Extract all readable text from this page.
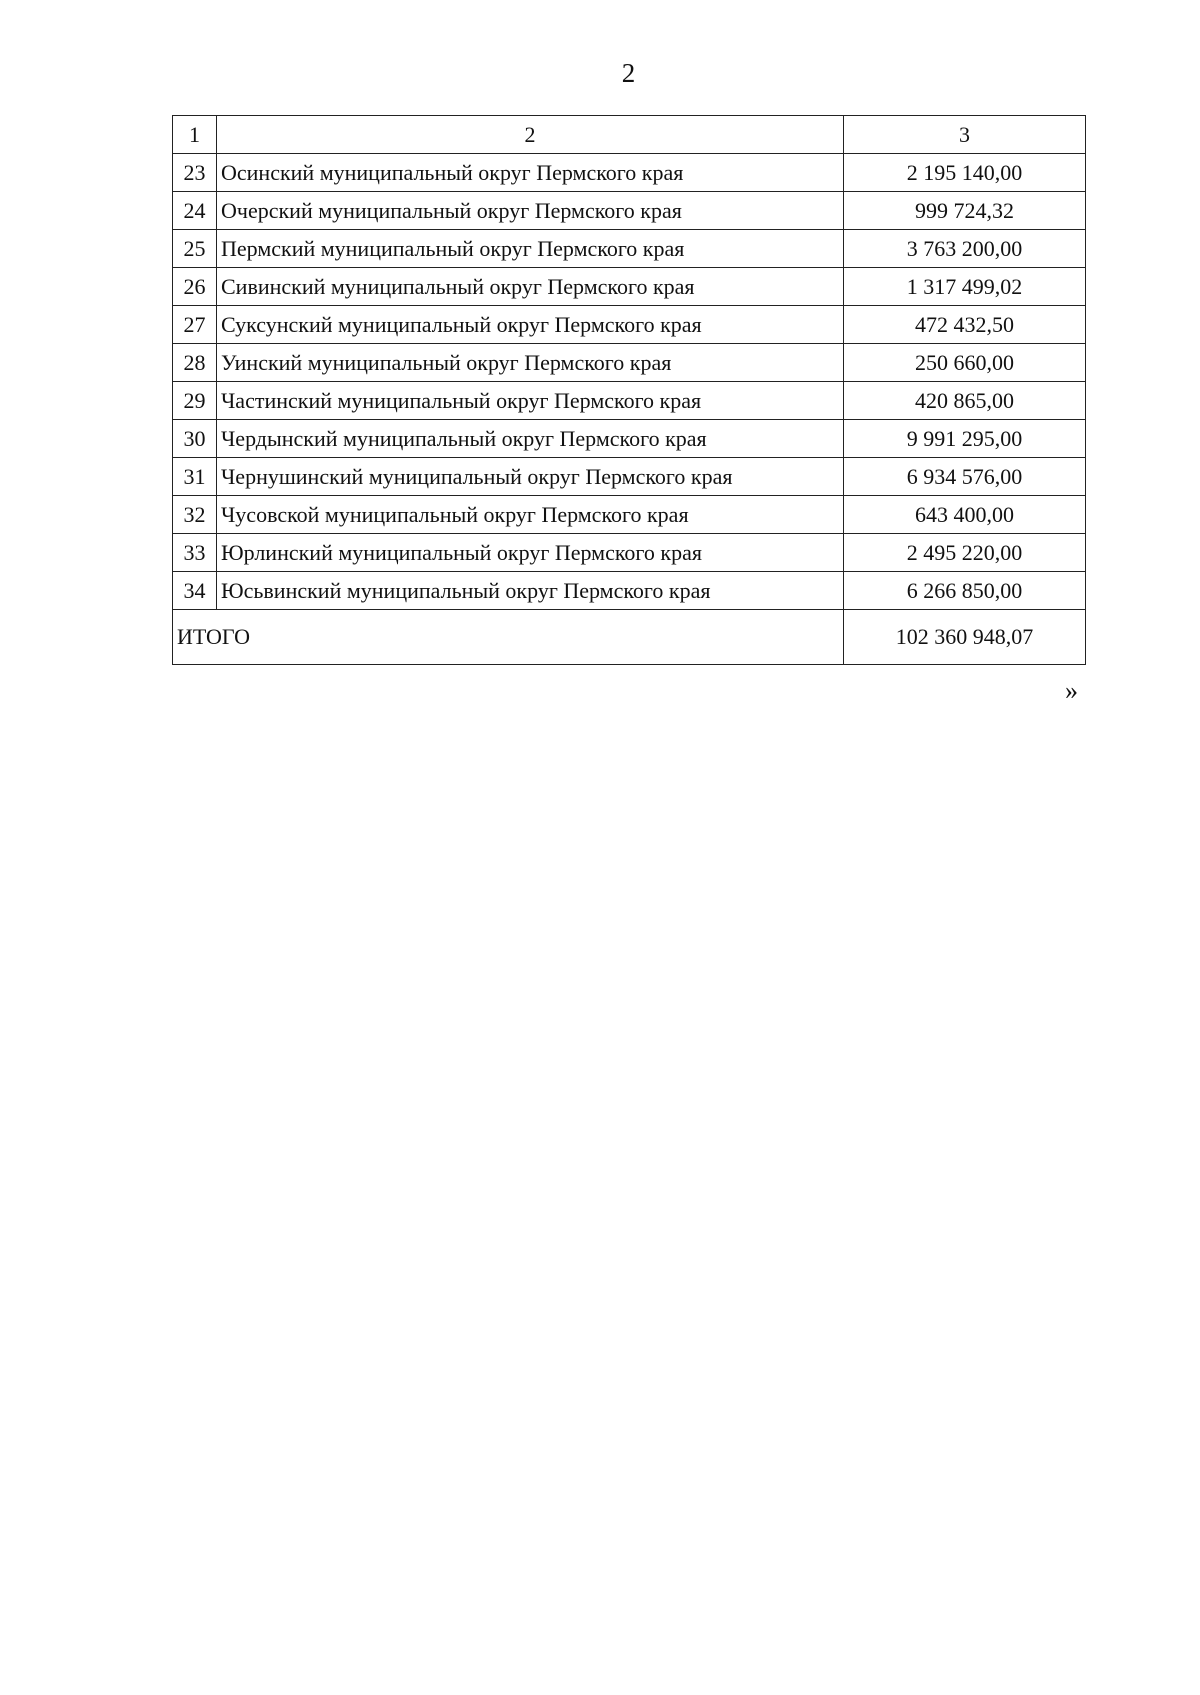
2
1	2	3
23	Осинский муниципальный округ Пермского края	2 195 140,00
24	Очерский муниципальный округ Пермского края	999 724,32
25	Пермский муниципальный округ Пермского края	3 763 200,00
26	Сивинский муниципальный округ Пермского края	1 317 499,02
27	Суксунский муниципальный округ Пермского края	472 432,50
28	Уинский муниципальный округ Пермского края	250 660,00
29	Частинский муниципальный округ Пермского края	420 865,00
30	Чердынский муниципальный округ Пермского края	9 991 295,00
31	Чернушинский муниципальный округ Пермского края	6 934 576,00
32	Чусовской муниципальный округ Пермского края	643 400,00
33	Юрлинский муниципальный округ Пермского края	2 495 220,00
34	Юсьвинский муниципальный округ Пермского края	6 266 850,00
ИТОГО		102 360 948,07
»
